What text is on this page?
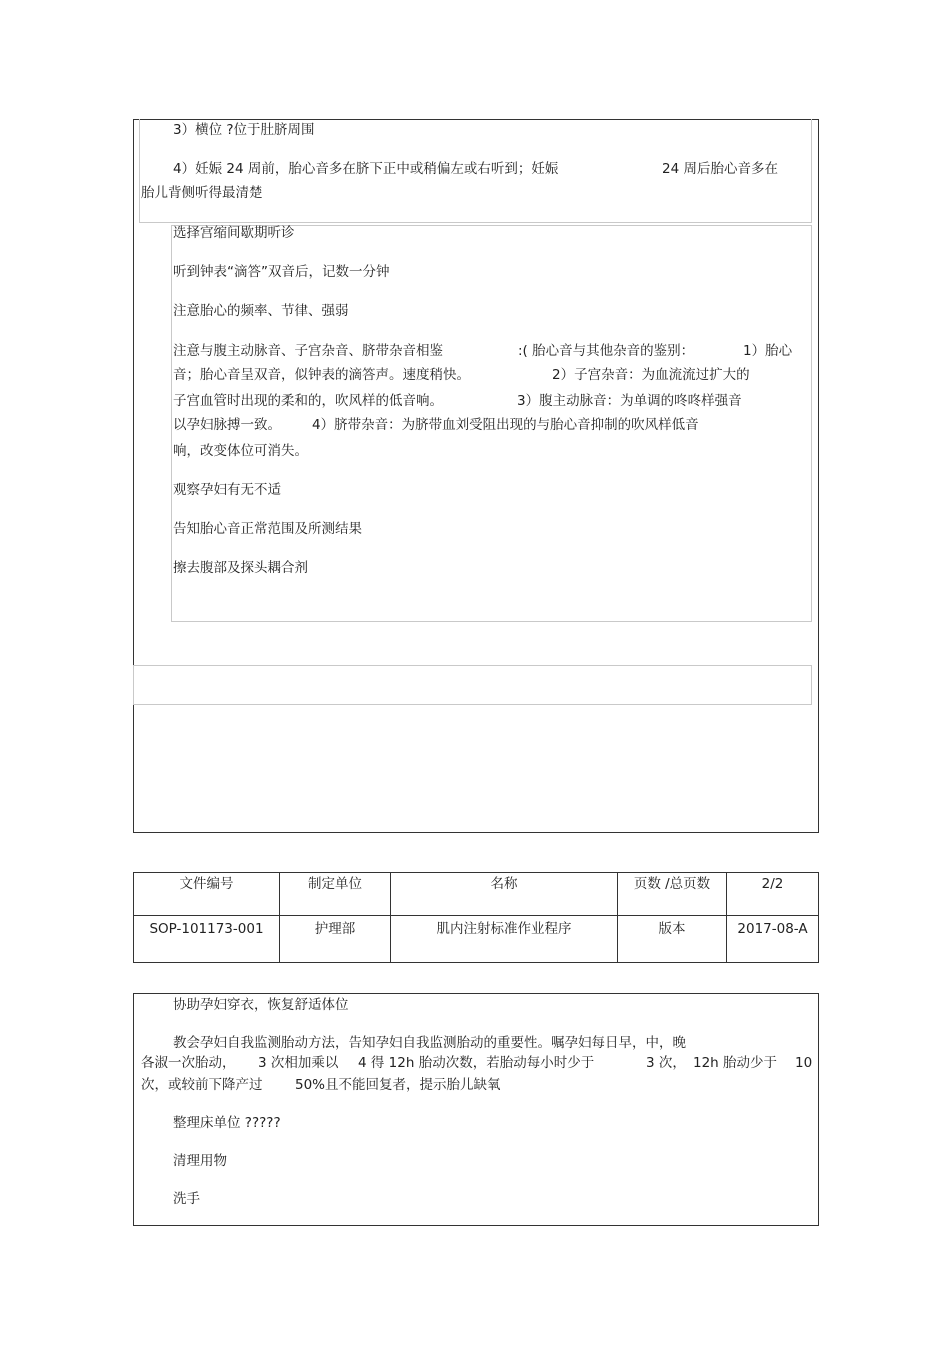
3）横位 ?位于肚脐周围
4）妊娠 24 周前，胎心音多在脐下正中或稍偏左或右听到；妊娠	24 周后胎心音多在
胎儿背侧听得最清楚
选择宫缩间歇期听诊
听到钟表“滴答”双音后，记数一分钟
注意胎心的频率、节律、强弱
注意与腹主动脉音、子宫杂音、脐带杂音相鉴	:( 胎心音与其他杂音的鉴别：	1）胎心
音；胎心音呈双音，似钟表的滴答声。速度稍快。	2）子宫杂音：为血流流过扩大的
子宫血管时出现的柔和的，吹风样的低音响。	3）腹主动脉音：为单调的咚咚样强音
以孕妇脉搏一致。 4）脐带杂音：为脐带血刘受阻出现的与胎心音抑制的吹风样低音
响，改变体位可消失。
观察孕妇有无不适
告知胎心音正常范围及所测结果
擦去腹部及探头耦合剂
文件编号	制定单位	名称	页数 /总页数	2/2
SOP-101173-001	护理部	肌内注射标准作业程序	版本	2017-08-A
协助孕妇穿衣，恢复舒适体位
教会孕妇自我监测胎动方法，告知孕妇自我监测胎动的重要性。嘱孕妇每日早，中，晚
各淑一次胎动， 3 次相加乘以 4 得 12h 胎动次数，若胎动每小时少于	3 次， 12h 胎动少于 10
次，或较前下降产过 50%且不能回复者，提示胎儿缺氧
整理床单位 ?????
清理用物
洗手
